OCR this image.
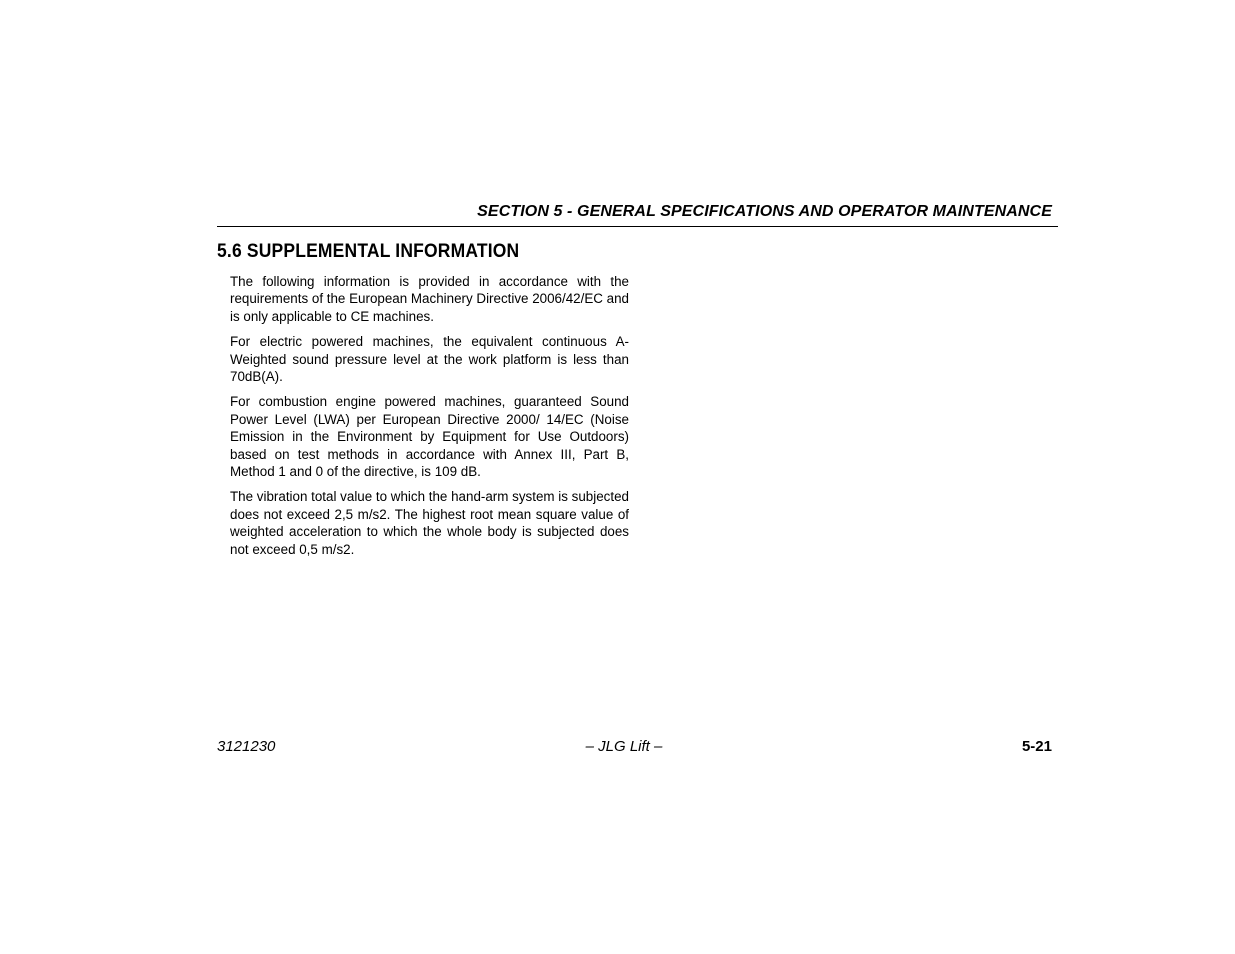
SECTION 5 - GENERAL SPECIFICATIONS AND OPERATOR MAINTENANCE
5.6 SUPPLEMENTAL INFORMATION

The following information is provided in accordance with the requirements of the European Machinery Directive 2006/42/EC and is only applicable to CE machines.

For electric powered machines, the equivalent continuous A-Weighted sound pressure level at the work platform is less than 70dB(A).

For combustion engine powered machines, guaranteed Sound Power Level (LWA) per European Directive 2000/ 14/EC (Noise Emission in the Environment by Equipment for Use Outdoors) based on test methods in accordance with Annex III, Part B, Method 1 and 0 of the directive, is 109 dB.

The vibration total value to which the hand-arm system is subjected does not exceed 2,5 m/s2. The highest root mean square value of weighted acceleration to which the whole body is subjected does not exceed 0,5 m/s2.

3121230	– JLG Lift –	5-21
